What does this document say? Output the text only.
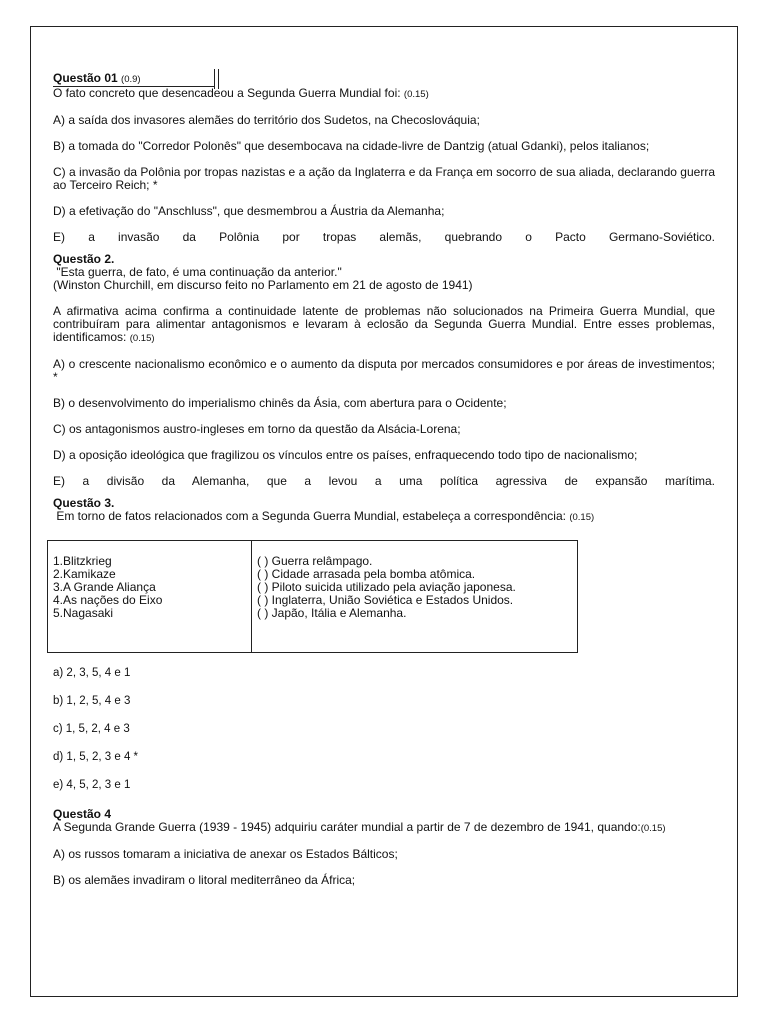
Questão 01 (0.9)

O fato concreto que desencadeou a Segunda Guerra Mundial foi: (0.15)

A) a saída dos invasores alemães do território dos Sudetos, na Checoslováquia;

B) a tomada do "Corredor Polonês" que desembocava na cidade-livre de Dantzig (atual Gdanki), pelos italianos;

C) a invasão da Polônia por tropas nazistas e a ação da Inglaterra e da França em socorro de sua aliada, declarando guerra ao Terceiro Reich; *

D) a efetivação do "Anschluss", que desmembrou a Áustria da Alemanha;

E) a invasão da Polônia por tropas alemãs, quebrando o Pacto Germano-Soviético.

Questão 2.

"Esta guerra, de fato, é uma continuação da anterior."

(Winston Churchill, em discurso feito no Parlamento em 21 de agosto de 1941)

A afirmativa acima confirma a continuidade latente de problemas não solucionados na Primeira Guerra Mundial, que contribuíram para alimentar antagonismos e levaram à eclosão da Segunda Guerra Mundial. Entre esses problemas, identificamos: (0.15)

A) o crescente nacionalismo econômico e o aumento da disputa por mercados consumidores e por áreas de investimentos; *

B) o desenvolvimento do imperialismo chinês da Ásia, com abertura para o Ocidente;

C) os antagonismos austro-ingleses em torno da questão da Alsácia-Lorena;

D) a oposição ideológica que fragilizou os vínculos entre os países, enfraquecendo todo tipo de nacionalismo;

E) a divisão da Alemanha, que a levou a uma política agressiva de expansão marítima.

Questão 3.

Em torno de fatos relacionados com a Segunda Guerra Mundial, estabeleça a correspondência: (0.15)

1.Blitzkrieg
2.Kamikaze
3.A Grande Aliança
4.As nações do Eixo
5.Nagasaki

( ) Guerra relâmpago.
( ) Cidade arrasada pela bomba atômica.
( ) Piloto suicida utilizado pela aviação japonesa.
( ) Inglaterra, União Soviética e Estados Unidos.
( ) Japão, Itália e Alemanha.

a) 2, 3, 5, 4 e 1

b) 1, 2, 5, 4 e 3

c) 1, 5, 2, 4 e 3

d) 1, 5, 2, 3 e 4 *

e) 4, 5, 2, 3 e 1

Questão 4

A Segunda Grande Guerra (1939 - 1945) adquiriu caráter mundial a partir de 7 de dezembro de 1941, quando:(0.15)

A) os russos tomaram a iniciativa de anexar os Estados Bálticos;

B) os alemães invadiram o litoral mediterrâneo da África;
